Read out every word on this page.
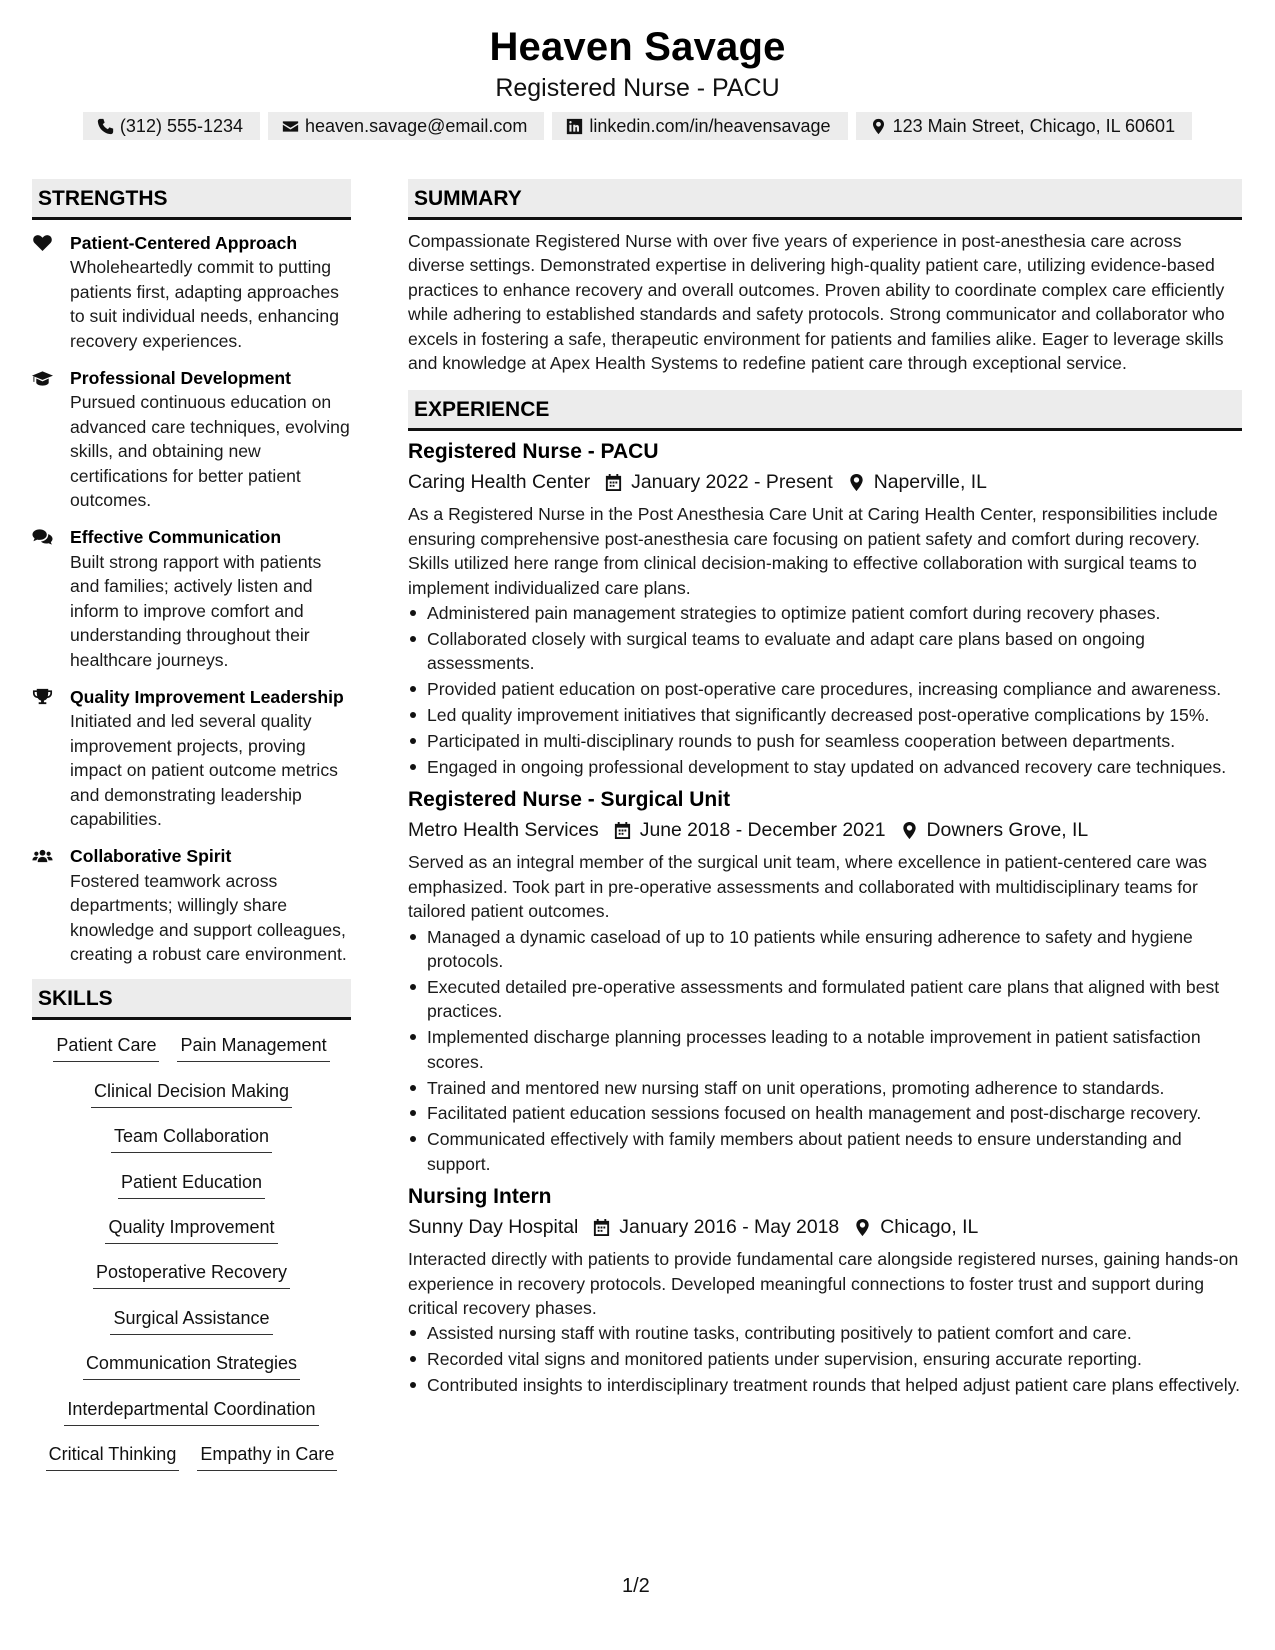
Heaven Savage
Registered Nurse - PACU
(312) 555-1234	heaven.savage@email.com	linkedin.com/in/heavensavage	123 Main Street, Chicago, IL 60601
STRENGTHS
Patient-Centered Approach
Wholeheartedly commit to putting patients first, adapting approaches to suit individual needs, enhancing recovery experiences.
Professional Development
Pursued continuous education on advanced care techniques, evolving skills, and obtaining new certifications for better patient outcomes.
Effective Communication
Built strong rapport with patients and families; actively listen and inform to improve comfort and understanding throughout their healthcare journeys.
Quality Improvement Leadership
Initiated and led several quality improvement projects, proving impact on patient outcome metrics and demonstrating leadership capabilities.
Collaborative Spirit
Fostered teamwork across departments; willingly share knowledge and support colleagues, creating a robust care environment.
SKILLS
Patient Care Pain Management
Clinical Decision Making
Team Collaboration
Patient Education
Quality Improvement
Postoperative Recovery
Surgical Assistance
Communication Strategies
Interdepartmental Coordination
Critical Thinking Empathy in Care
SUMMARY
Compassionate Registered Nurse with over five years of experience in post-anesthesia care across diverse settings. Demonstrated expertise in delivering high-quality patient care, utilizing evidence-based practices to enhance recovery and overall outcomes. Proven ability to coordinate complex care efficiently while adhering to established standards and safety protocols. Strong communicator and collaborator who excels in fostering a safe, therapeutic environment for patients and families alike. Eager to leverage skills and knowledge at Apex Health Systems to redefine patient care through exceptional service.
EXPERIENCE
Registered Nurse - PACU
Caring Health Center January 2022 - Present Naperville, IL
As a Registered Nurse in the Post Anesthesia Care Unit at Caring Health Center, responsibilities include ensuring comprehensive post-anesthesia care focusing on patient safety and comfort during recovery. Skills utilized here range from clinical decision-making to effective collaboration with surgical teams to implement individualized care plans.
Administered pain management strategies to optimize patient comfort during recovery phases.
Collaborated closely with surgical teams to evaluate and adapt care plans based on ongoing assessments.
Provided patient education on post-operative care procedures, increasing compliance and awareness.
Led quality improvement initiatives that significantly decreased post-operative complications by 15%.
Participated in multi-disciplinary rounds to push for seamless cooperation between departments.
Engaged in ongoing professional development to stay updated on advanced recovery care techniques.
Registered Nurse - Surgical Unit
Metro Health Services June 2018 - December 2021 Downers Grove, IL
Served as an integral member of the surgical unit team, where excellence in patient-centered care was emphasized. Took part in pre-operative assessments and collaborated with multidisciplinary teams for tailored patient outcomes.
Managed a dynamic caseload of up to 10 patients while ensuring adherence to safety and hygiene protocols.
Executed detailed pre-operative assessments and formulated patient care plans that aligned with best practices.
Implemented discharge planning processes leading to a notable improvement in patient satisfaction scores.
Trained and mentored new nursing staff on unit operations, promoting adherence to standards.
Facilitated patient education sessions focused on health management and post-discharge recovery.
Communicated effectively with family members about patient needs to ensure understanding and support.
Nursing Intern
Sunny Day Hospital January 2016 - May 2018 Chicago, IL
Interacted directly with patients to provide fundamental care alongside registered nurses, gaining hands-on experience in recovery protocols. Developed meaningful connections to foster trust and support during critical recovery phases.
Assisted nursing staff with routine tasks, contributing positively to patient comfort and care.
Recorded vital signs and monitored patients under supervision, ensuring accurate reporting.
Contributed insights to interdisciplinary treatment rounds that helped adjust patient care plans effectively.
1/2
